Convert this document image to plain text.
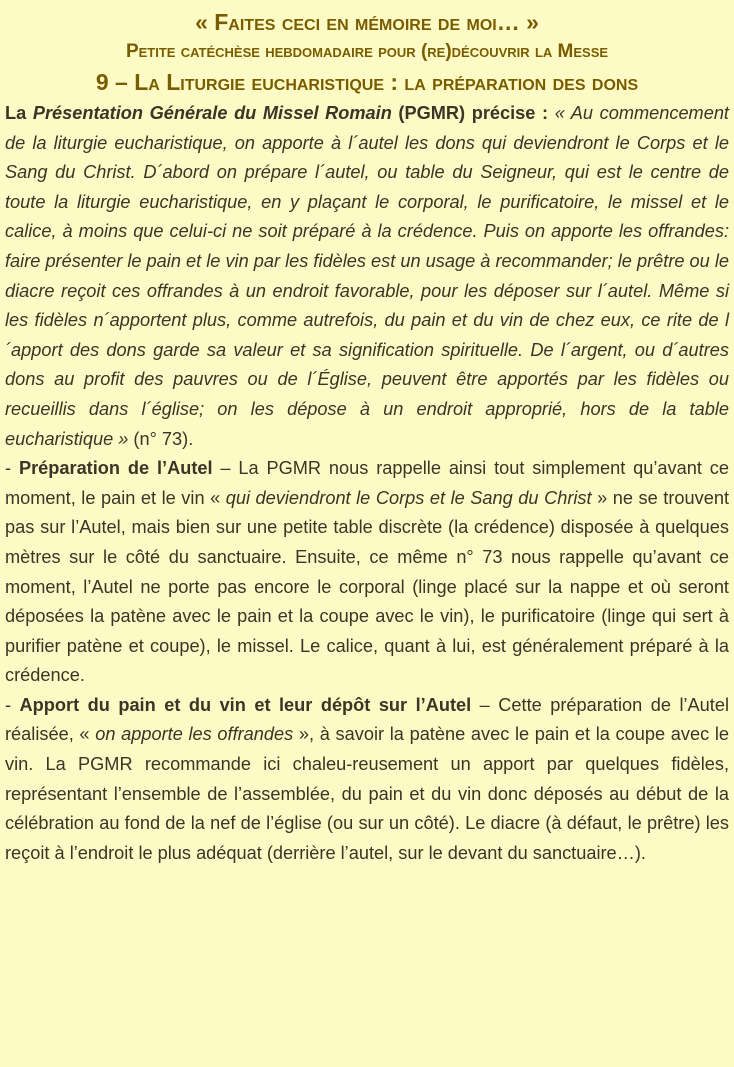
« Faites ceci en mémoire de moi… »
Petite catéchèse hebdomadaire pour (re)découvrir la Messe
9 – La Liturgie eucharistique : la préparation des dons

La Présentation Générale du Missel Romain (PGMR) précise : « Au commencement de la liturgie eucharistique, on apporte à l´autel les dons qui deviendront le Corps et le Sang du Christ. D´abord on prépare l´autel, ou table du Seigneur, qui est le centre de toute la liturgie eucharistique, en y plaçant le corporal, le purificatoire, le missel et le calice, à moins que celui-ci ne soit préparé à la crédence. Puis on apporte les offrandes: faire présenter le pain et le vin par les fidèles est un usage à recommander; le prêtre ou le diacre reçoit ces offrandes à un endroit favorable, pour les déposer sur l´autel. Même si les fidèles n´apportent plus, comme autrefois, du pain et du vin de chez eux, ce rite de l´apport des dons garde sa valeur et sa signification spirituelle. De l´argent, ou d´autres dons au profit des pauvres ou de l´Église, peuvent être apportés par les fidèles ou recueillis dans l´église; on les dépose à un endroit approprié, hors de la table eucharistique » (n° 73).

- Préparation de l’Autel – La PGMR nous rappelle ainsi tout simplement qu’avant ce moment, le pain et le vin « qui deviendront le Corps et le Sang du Christ » ne se trouvent pas sur l’Autel, mais bien sur une petite table discrète (la crédence) disposée à quelques mètres sur le côté du sanctuaire. Ensuite, ce même n° 73 nous rappelle qu’avant ce moment, l’Autel ne porte pas encore le corporal (linge placé sur la nappe et où seront déposées la patène avec le pain et la coupe avec le vin), le purificatoire (linge qui sert à purifier patène et coupe), le missel. Le calice, quant à lui, est généralement préparé à la crédence.

- Apport du pain et du vin et leur dépôt sur l’Autel – Cette préparation de l’Autel réalisée, « on apporte les offrandes », à savoir la patène avec le pain et la coupe avec le vin. La PGMR recommande ici chaleu-reusement un apport par quelques fidèles, représentant l’ensemble de l’assemblée, du pain et du vin donc déposés au début de la célébration au fond de la nef de l’église (ou sur un côté). Le diacre (à défaut, le prêtre) les reçoit à l’endroit le plus adéquat (derrière l’autel, sur le devant du sanctuaire…).
